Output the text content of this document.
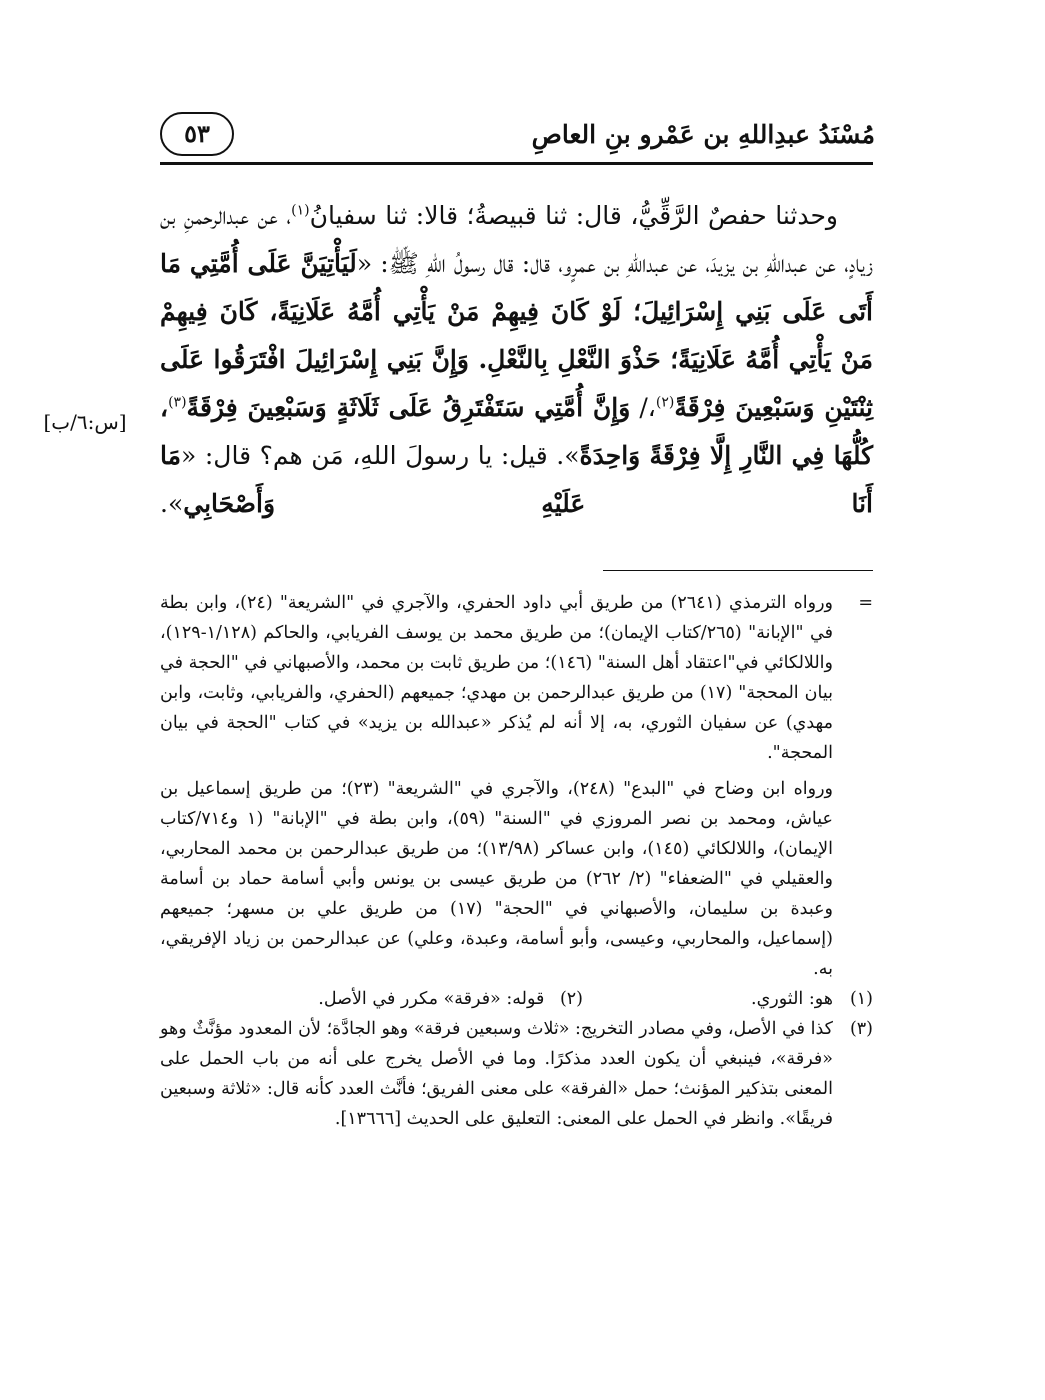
مُسْنَدُ عبدِاللهِ بن عَمْرو بنِ العاصِ
٥٣
[س:٦/ب]
وحدثنا حفصٌ الرَّقِّيُّ، قال: ثنا قبيصةُ؛ قالا: ثنا سفيانُ$^{(١)}$، عن عبدالرحمنِ بن زيادٍ، عن عبداللهِ بن يزيدَ، عن عبداللهِ بن عمرٍو، قال: قال رسولُ اللهِ ﷺ: «لَيَأْتِيَنَّ عَلَى أُمَّتِي مَا أَتَى عَلَى بَنِي إِسْرَائِيلَ؛ لَوْ كَانَ فِيهِمْ مَنْ يَأْتِي أُمَّهُ عَلَانِيَةً، كَانَ فِيهِمْ مَنْ يَأْتِي أُمَّهُ عَلَانِيَةً؛ حَذْوَ النَّعْلِ بِالنَّعْلِ. وَإِنَّ بَنِي إِسْرَائِيلَ افْتَرَقُوا عَلَى ثِنْتَيْنِ وَسَبْعِينَ فِرْقَةً$^{(٢)}$،/ وَإِنَّ أُمَّتِي سَتَفْتَرِقُ عَلَى ثَلَاثَةٍ وَسَبْعِينَ فِرْقَةً$^{(٣)}$، كُلُّهَا فِي النَّارِ إِلَّا فِرْقَةً وَاحِدَةً». قيل: يا رسولَ اللهِ، مَن هم؟ قال: «مَا أَنَا عَلَيْهِ وَأَصْحَابِي».
=
ورواه الترمذي (٢٦٤١) من طريق أبي داود الحفري، والآجري في "الشريعة" (٢٤)، وابن بطة في "الإبانة" (٢٦٥/كتاب الإيمان)؛ من طريق محمد بن يوسف الفريابي، والحاكم (١/١٢٨-١٢٩)، واللالكائي في"اعتقاد أهل السنة" (١٤٦)؛ من طريق ثابت بن محمد، والأصبهاني في "الحجة في بيان المحجة" (١٧) من طريق عبدالرحمن بن مهدي؛ جميعهم (الحفري، والفريابي، وثابت، وابن مهدي) عن سفيان الثوري، به، إلا أنه لم يُذكر «عبدالله بن يزيد» في كتاب "الحجة في بيان المحجة".
ورواه ابن وضاح في "البدع" (٢٤٨)، والآجري في "الشريعة" (٢٣)؛ من طريق إسماعيل بن عياش، ومحمد بن نصر المروزي في "السنة" (٥٩)، وابن بطة في "الإبانة" (١ و٧١٤/كتاب الإيمان)، واللالكائي (١٤٥)، وابن عساكر (١٣/٩٨)؛ من طريق عبدالرحمن بن محمد المحاربي، والعقيلي في "الضعفاء" (٢/ ٢٦٢) من طريق عيسى بن يونس وأبي أسامة حماد بن أسامة وعبدة بن سليمان، والأصبهاني في "الحجة" (١٧) من طريق علي بن مسهر؛ جميعهم (إسماعيل، والمحاربي، وعيسى، وأبو أسامة، وعبدة، وعلي) عن عبدالرحمن بن زياد الإفريقي، به.
(١)
هو: الثوري.
(٢) قوله: «فرقة» مكرر في الأصل.
(٣)
كذا في الأصل، وفي مصادر التخريج: «ثلاث وسبعين فرقة» وهو الجادَّة؛ لأن المعدود مؤنَّثٌ وهو «فرقة»، فينبغي أن يكون العدد مذكرًا. وما في الأصل يخرج على أنه من باب الحمل على المعنى بتذكير المؤنث؛ حمل «الفرقة» على معنى الفريق؛ فأنَّث العدد كأنه قال: «ثلاثة وسبعين فريقًا». وانظر في الحمل على المعنى: التعليق على الحديث [١٣٦٦٦].
